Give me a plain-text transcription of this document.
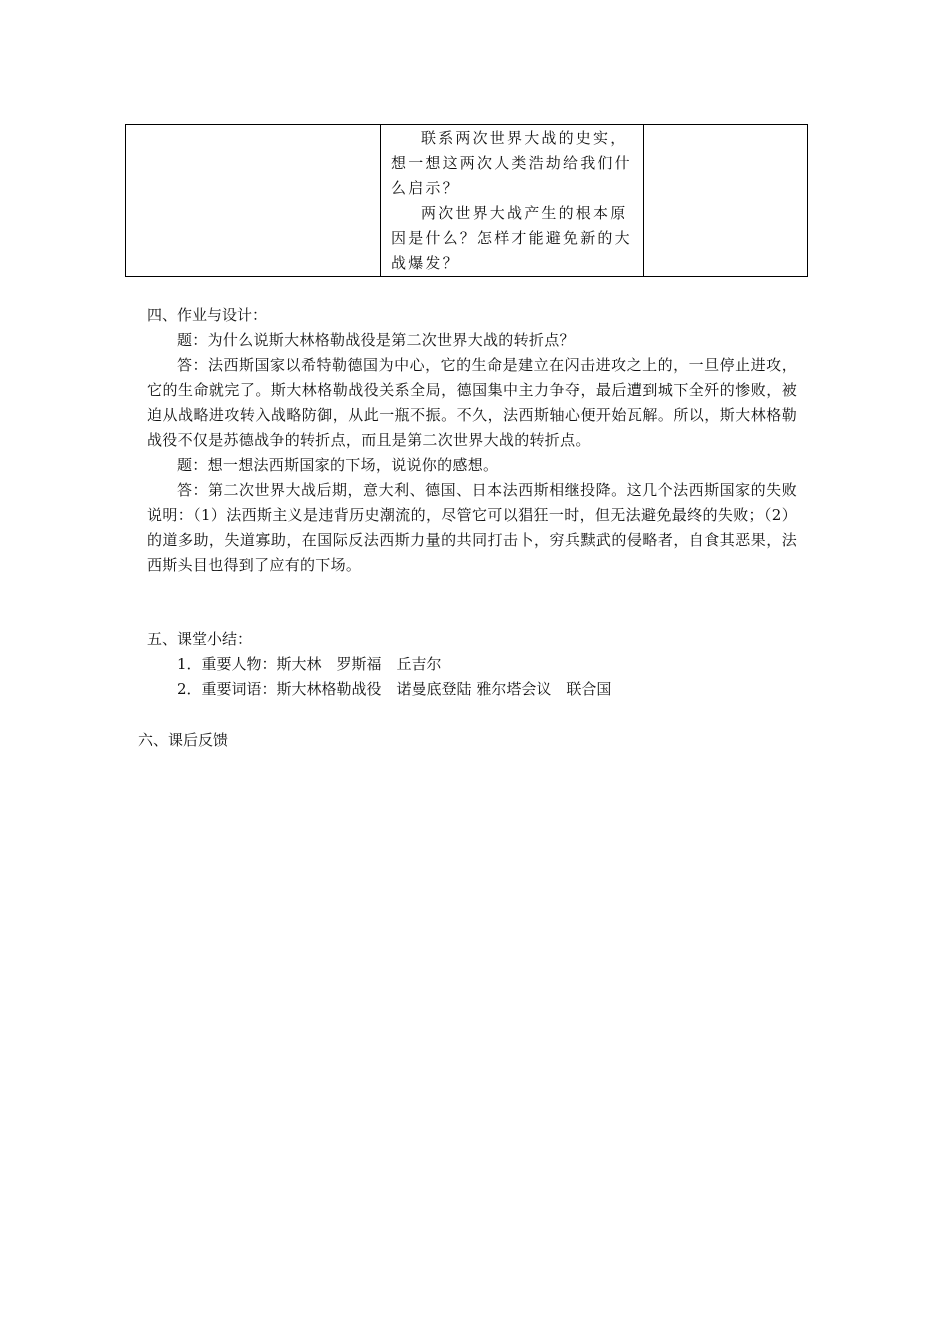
联系两次世界大战的史实，想一想这两次人类浩劫给我们什么启示？

两次世界大战产生的根本原因是什么？怎样才能避免新的大战爆发？

四、作业与设计：

题：为什么说斯大林格勒战役是第二次世界大战的转折点？

答：法西斯国家以希特勒德国为中心，它的生命是建立在闪击进攻之上的，一旦停止进攻，它的生命就完了。斯大林格勒战役关系全局，德国集中主力争夺，最后遭到城下全歼的惨败，被迫从战略进攻转入战略防御，从此一瓶不振。不久，法西斯轴心便开始瓦解。所以，斯大林格勒战役不仅是苏德战争的转折点，而且是第二次世界大战的转折点。

题：想一想法西斯国家的下场，说说你的感想。

答：第二次世界大战后期，意大利、德国、日本法西斯相继投降。这几个法西斯国家的失败说明：（1）法西斯主义是违背历史潮流的，尽管它可以猖狂一时，但无法避免最终的失败；（2）的道多助，失道寡助，在国际反法西斯力量的共同打击卜，穷兵黩武的侵略者，自食其恶果，法西斯头目也得到了应有的下场。

五、课堂小结：

1．重要人物：斯大林　罗斯福　丘吉尔

2．重要词语：斯大林格勒战役　诺曼底登陆 雅尔塔会议　联合国

六、课后反馈
